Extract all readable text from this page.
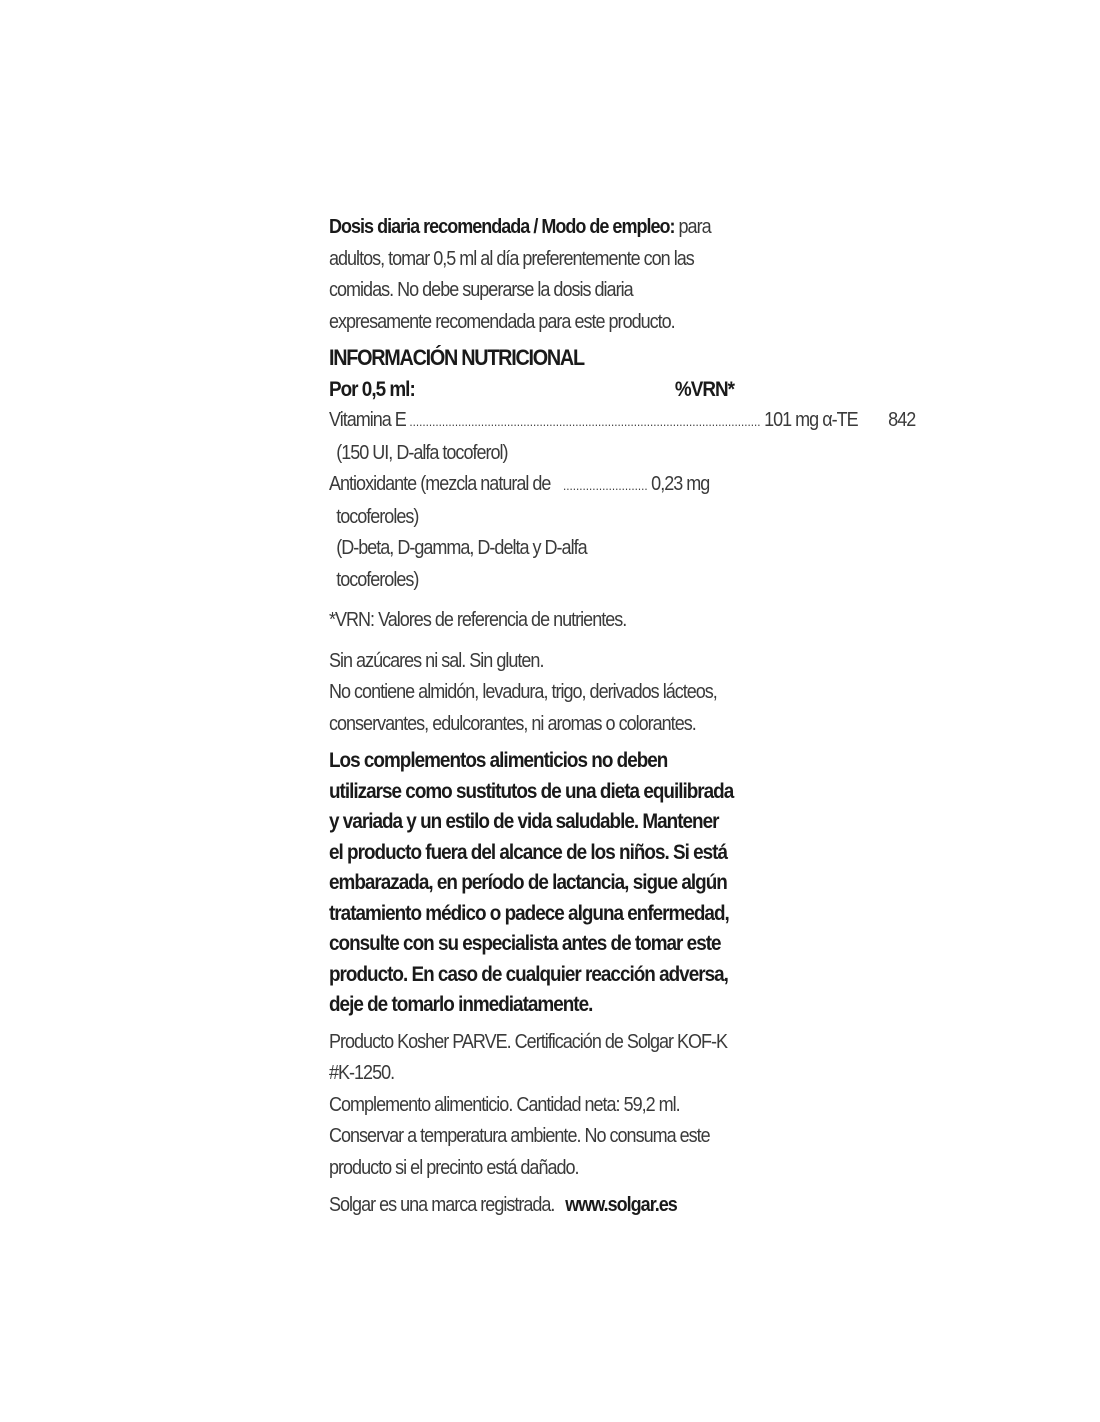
Dosis diaria recomendada / Modo de empleo: para adultos, tomar 0,5 ml al día preferentemente con las comidas. No debe superarse la dosis diaria expresamente recomendada para este producto.

INFORMACIÓN NUTRICIONAL

Por 0,5 ml:	%VRN*
Vitamina E ............................................................................................................ 101 mg α-TE	842

(150 UI, D-alfa tocoferol)

Antioxidante (mezcla natural de .......................... 0,23 mg

tocoferoles)

(D-beta, D-gamma, D-delta y D-alfa

tocoferoles)

*VRN: Valores de referencia de nutrientes.

Sin azúcares ni sal. Sin gluten.

No contiene almidón, levadura, trigo, derivados lácteos, conservantes, edulcorantes, ni aromas o colorantes.

Los complementos alimenticios no deben utilizarse como sustitutos de una dieta equilibrada y variada y un estilo de vida saludable. Mantener el producto fuera del alcance de los niños. Si está embarazada, en período de lactancia, sigue algún tratamiento médico o padece alguna enfermedad, consulte con su especialista antes de tomar este producto. En caso de cualquier reacción adversa, deje de tomarlo inmediatamente.

Producto Kosher PARVE. Certificación de Solgar KOF-K #K-1250.

Complemento alimenticio. Cantidad neta: 59,2 ml.

Conservar a temperatura ambiente. No consuma este producto si el precinto está dañado.

Solgar es una marca registrada. www.solgar.es
